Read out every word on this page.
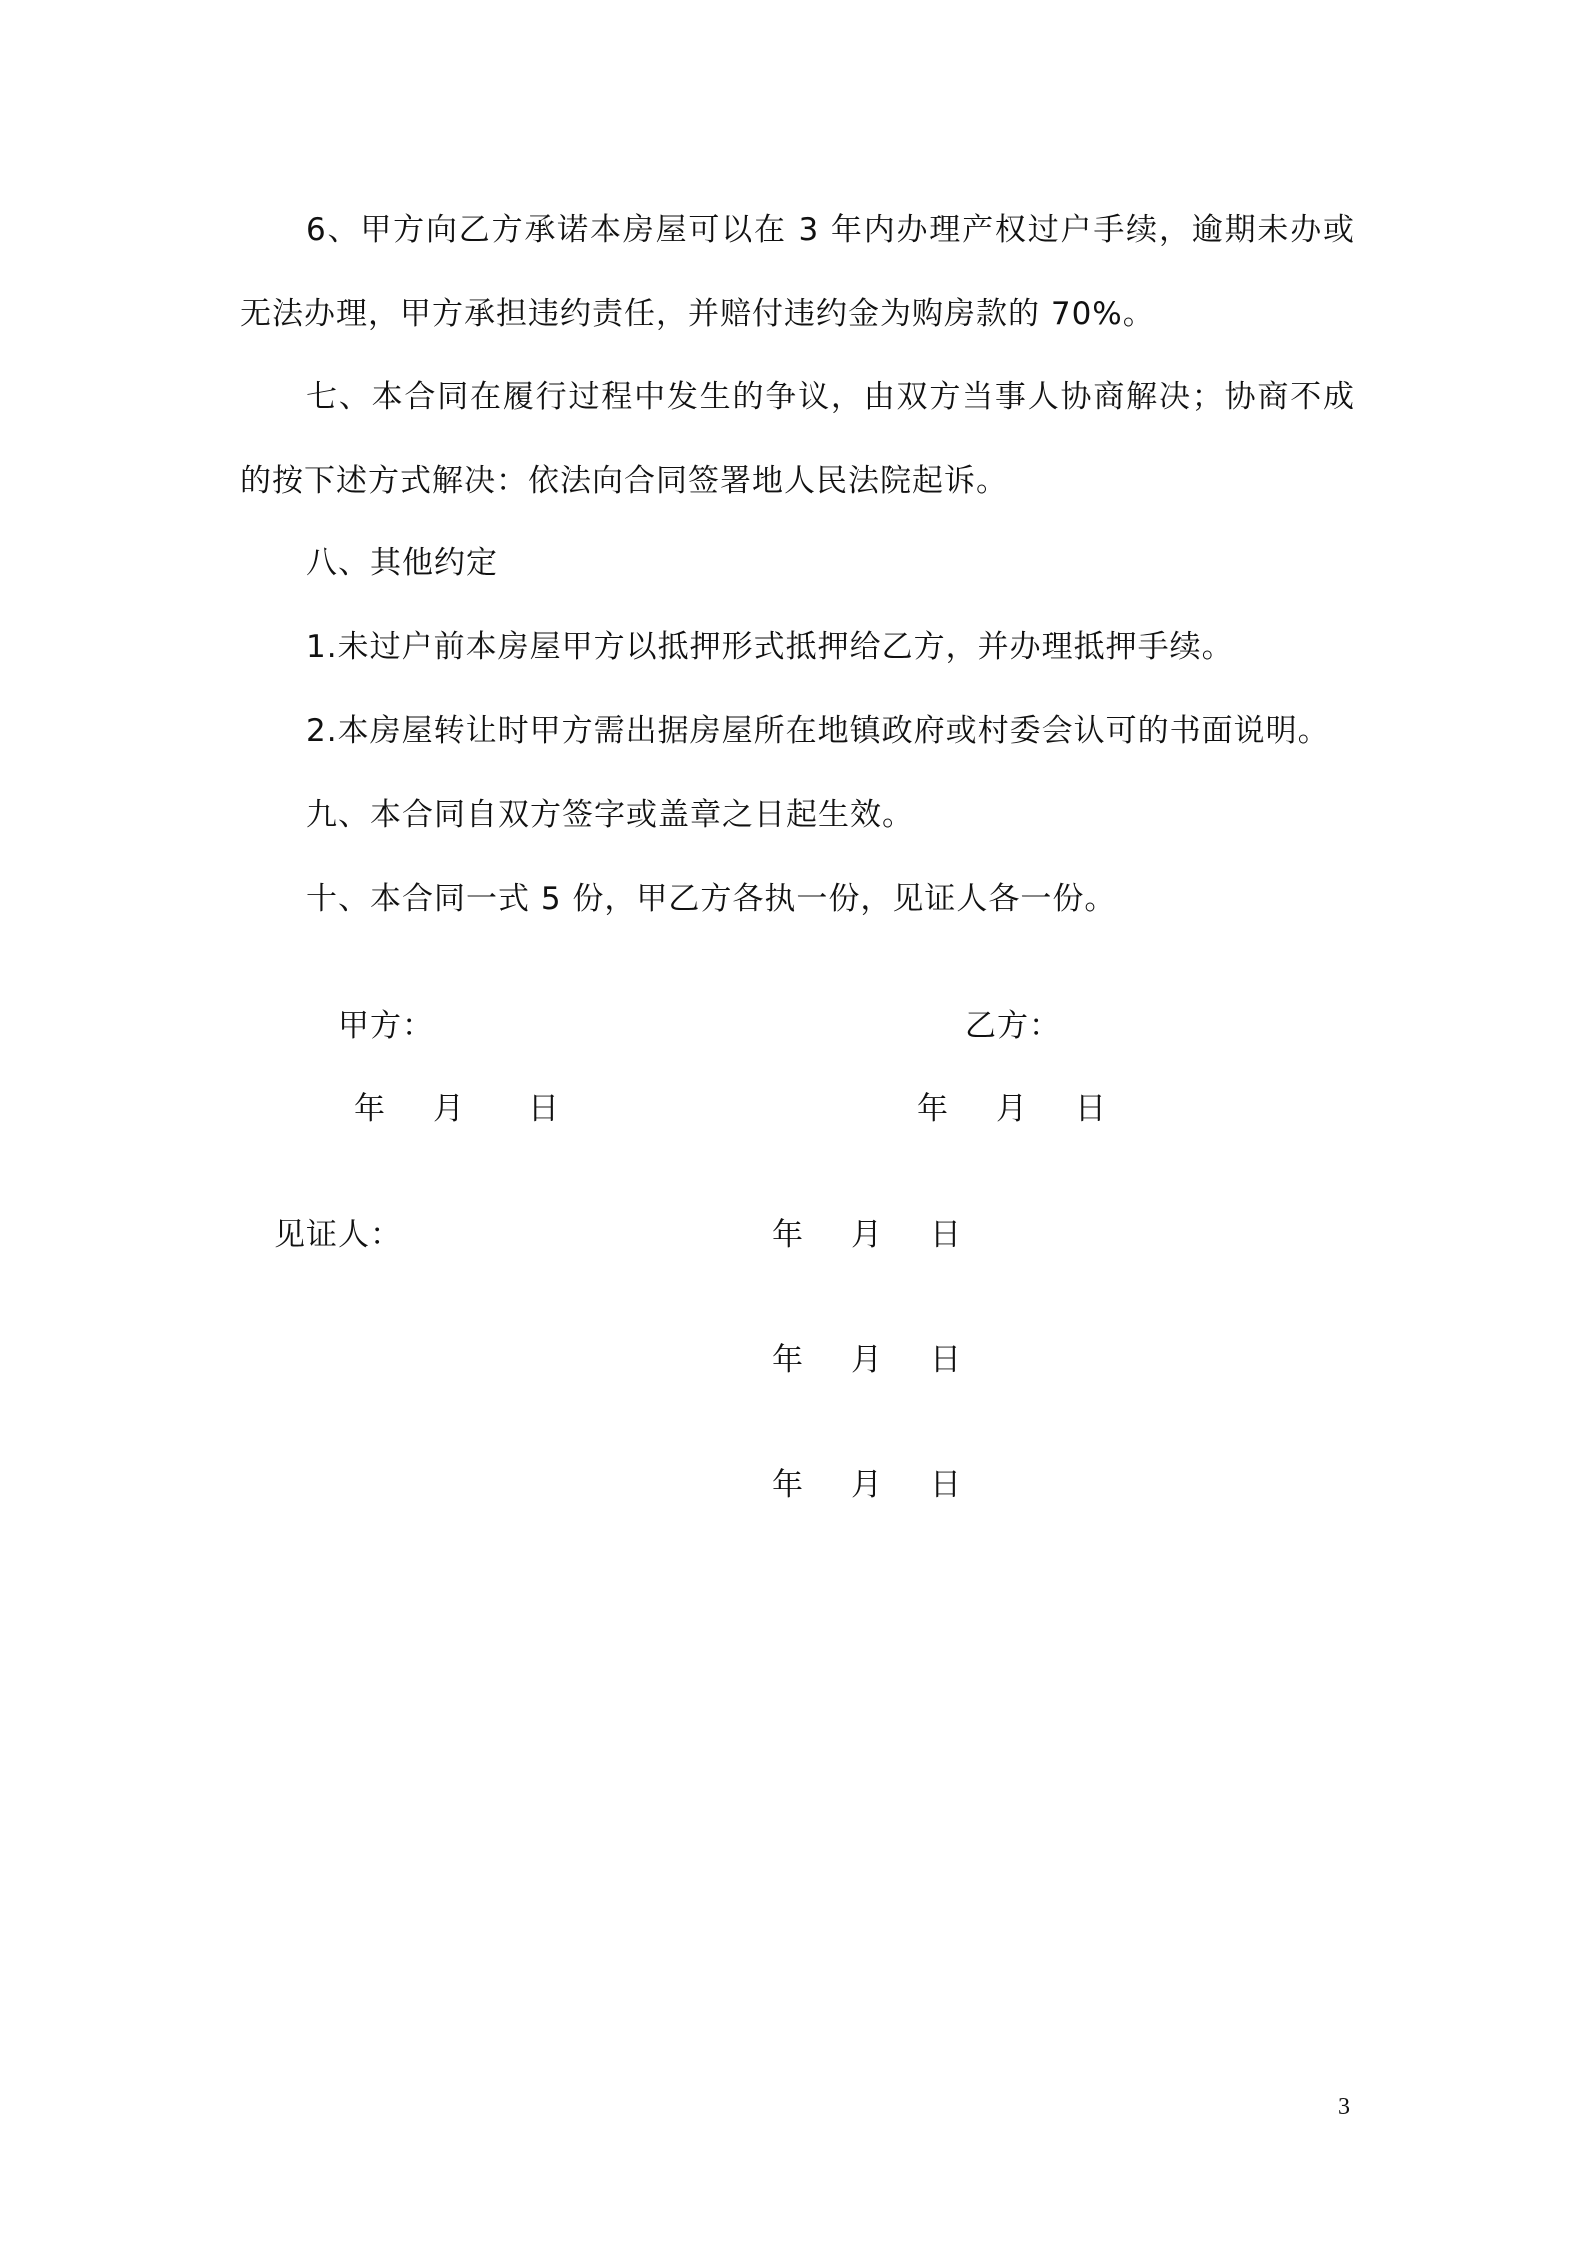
6、甲方向乙方承诺本房屋可以在 3 年内办理产权过户手续，逾期未办或无法办理，甲方承担违约责任，并赔付违约金为购房款的 70%。
七、本合同在履行过程中发生的争议，由双方当事人协商解决；协商不成的按下述方式解决：依法向合同签署地人民法院起诉。
八、其他约定
1.未过户前本房屋甲方以抵押形式抵押给乙方，并办理抵押手续。
2.本房屋转让时甲方需出据房屋所在地镇政府或村委会认可的书面说明。
九、本合同自双方签字或盖章之日起生效。
十、本合同一式 5 份，甲乙方各执一份，见证人各一份。
甲方：	乙方：
年 月 日	年 月 日
见证人：	年 月 日
年 月 日
年 月 日
3
